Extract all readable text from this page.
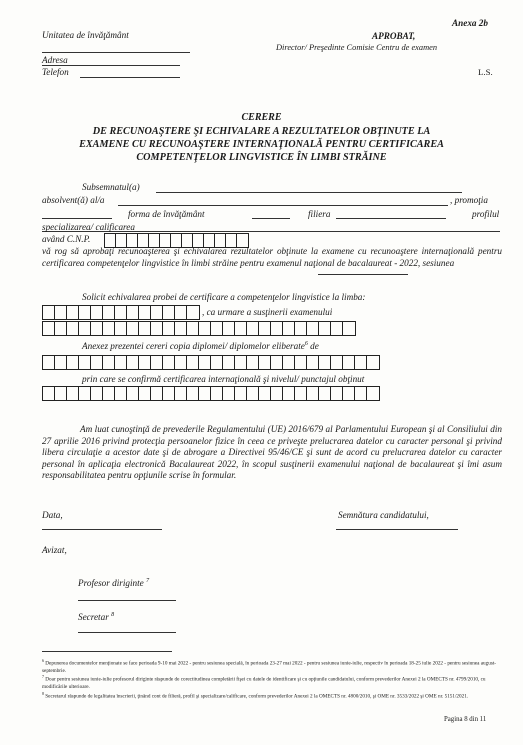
Unitatea de învăţământ
Adresa
Telefon
Anexa 2b
APROBAT,
Director/ Preşedinte Comisie Centru de examen
L.S.
CERERE
DE RECUNOAŞTERE ŞI ECHIVALARE A REZULTATELOR OBŢINUTE LA
EXAMENE CU RECUNOAŞTERE INTERNAŢIONALĂ PENTRU CERTIFICAREA
COMPETENŢELOR LINGVISTICE ÎN LIMBI STRĂINE
Subsemnatul(a)
absolvent(ă) al/a	, promoţia
forma de învăţământ	filiera	profilul
specializarea/ calificarea
având C.N.P.
vă rog să aprobaţi recunoaşterea şi echivalarea rezultatelor obţinute la examene cu recunoaştere internaţională pentru certificarea competenţelor lingvistice în limbi străine pentru examenul naţional de bacalaureat - 2022, sesiunea
Solicit echivalarea probei de certificare a competenţelor lingvistice la limba:
, ca urmare a susţinerii examenului
Anexez prezentei cereri copia diplomei/ diplomelor eliberate$^6$ de
prin care se confirmă certificarea internaţională şi nivelul/ punctajul obţinut
Am luat cunoştinţă de prevederile Regulamentului (UE) 2016/679 al Parlamentului European şi al Consiliului din 27 aprilie 2016 privind protecţia persoanelor fizice în ceea ce priveşte prelucrarea datelor cu caracter personal şi privind libera circulaţie a acestor date şi de abrogare a Directivei 95/46/CE şi sunt de acord cu prelucrarea datelor cu caracter personal în aplicaţia electronică Bacalaureat 2022, în scopul susţinerii examenului naţional de bacalaureat şi îmi asum responsabilitatea pentru opţiunile scrise în formular.
Data,	Semnătura candidatului,
Avizat,
Profesor diriginte $^7$
Secretar $^8$
$^6$ Depunerea documentelor menţionate se face perioada 9-10 mai 2022 - pentru sesiunea specială, în perioada 23-27 mai 2022 - pentru sesiunea iunie-iulie, respectiv în perioada 18-25 iulie 2022 - pentru sesiunea august-septembrie.
$^7$ Doar pentru sesiunea iunie-iulie profesorul diriginte răspunde de corectitudinea completării fişei cu datele de identificare şi cu opţiunile candidatului, conform prevederilor Anexei 2 la OMECTS nr. 4799/2010, cu modificările ulterioare.
$^8$ Secretarul răspunde de legalitatea înscrierii, ţinând cont de filieră, profil şi specializare/calificare, conform prevederilor Anexei 2 la OMECTS nr. 4800/2010, şi OME nr. 3533/2022 şi OME nr. 5151/2021.
Pagina 8 din 11
